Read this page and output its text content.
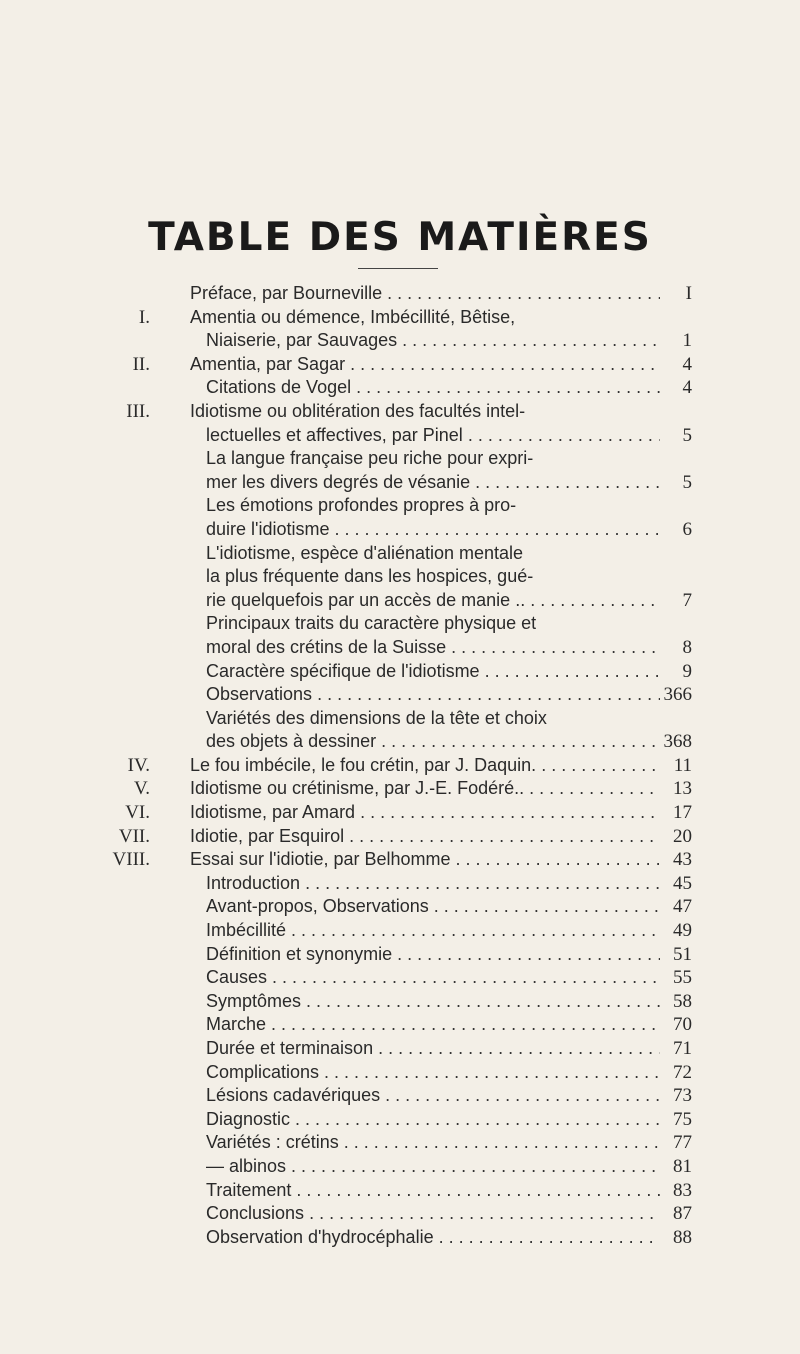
TABLE DES MATIÈRES
Préface, par Bourneville . . .	I
I. Amentia ou démence, Imbécillité, Bêtise,
Niaiserie, par Sauvages . . .	1
II. Amentia, par Sagar . . .	4
Citations de Vogel . . .	4
III. Idiotisme ou oblitération des facultés intel-
lectuelles et affectives, par Pinel . . .	5
La langue française peu riche pour expri-
mer les divers degrés de vésanie . . .	5
Les émotions profondes propres à pro-
duire l'idiotisme . . .	6
L'idiotisme, espèce d'aliénation mentale
la plus fréquente dans les hospices, gué-
rie quelquefois par un accès de manie .. . . .	7
Principaux traits du caractère physique et
moral des crétins de la Suisse . . .	8
Caractère spécifique de l'idiotisme . . .	9
Observations . . .	366
Variétés des dimensions de la tête et choix
des objets à dessiner . . .	368
IV. Le fou imbécile, le fou crétin, par J. Daquin. . . .	11
V. Idiotisme ou crétinisme, par J.-E. Fodéré.. . . .	13
VI. Idiotisme, par Amard . . .	17
VII. Idiotie, par Esquirol . . .	20
VIII. Essai sur l'idiotie, par Belhomme . . .	43
Introduction . . .	45
Avant-propos, Observations . . .	47
Imbécillité . . .	49
Définition et synonymie . . .	51
Causes . . .	55
Symptômes . . .	58
Marche . . .	70
Durée et terminaison . . .	71
Complications . . .	72
Lésions cadavériques . . .	73
Diagnostic . . .	75
Variétés : crétins . . .	77
— albinos . . .	81
Traitement . . .	83
Conclusions . . .	87
Observation d'hydrocéphalie . . .	88
